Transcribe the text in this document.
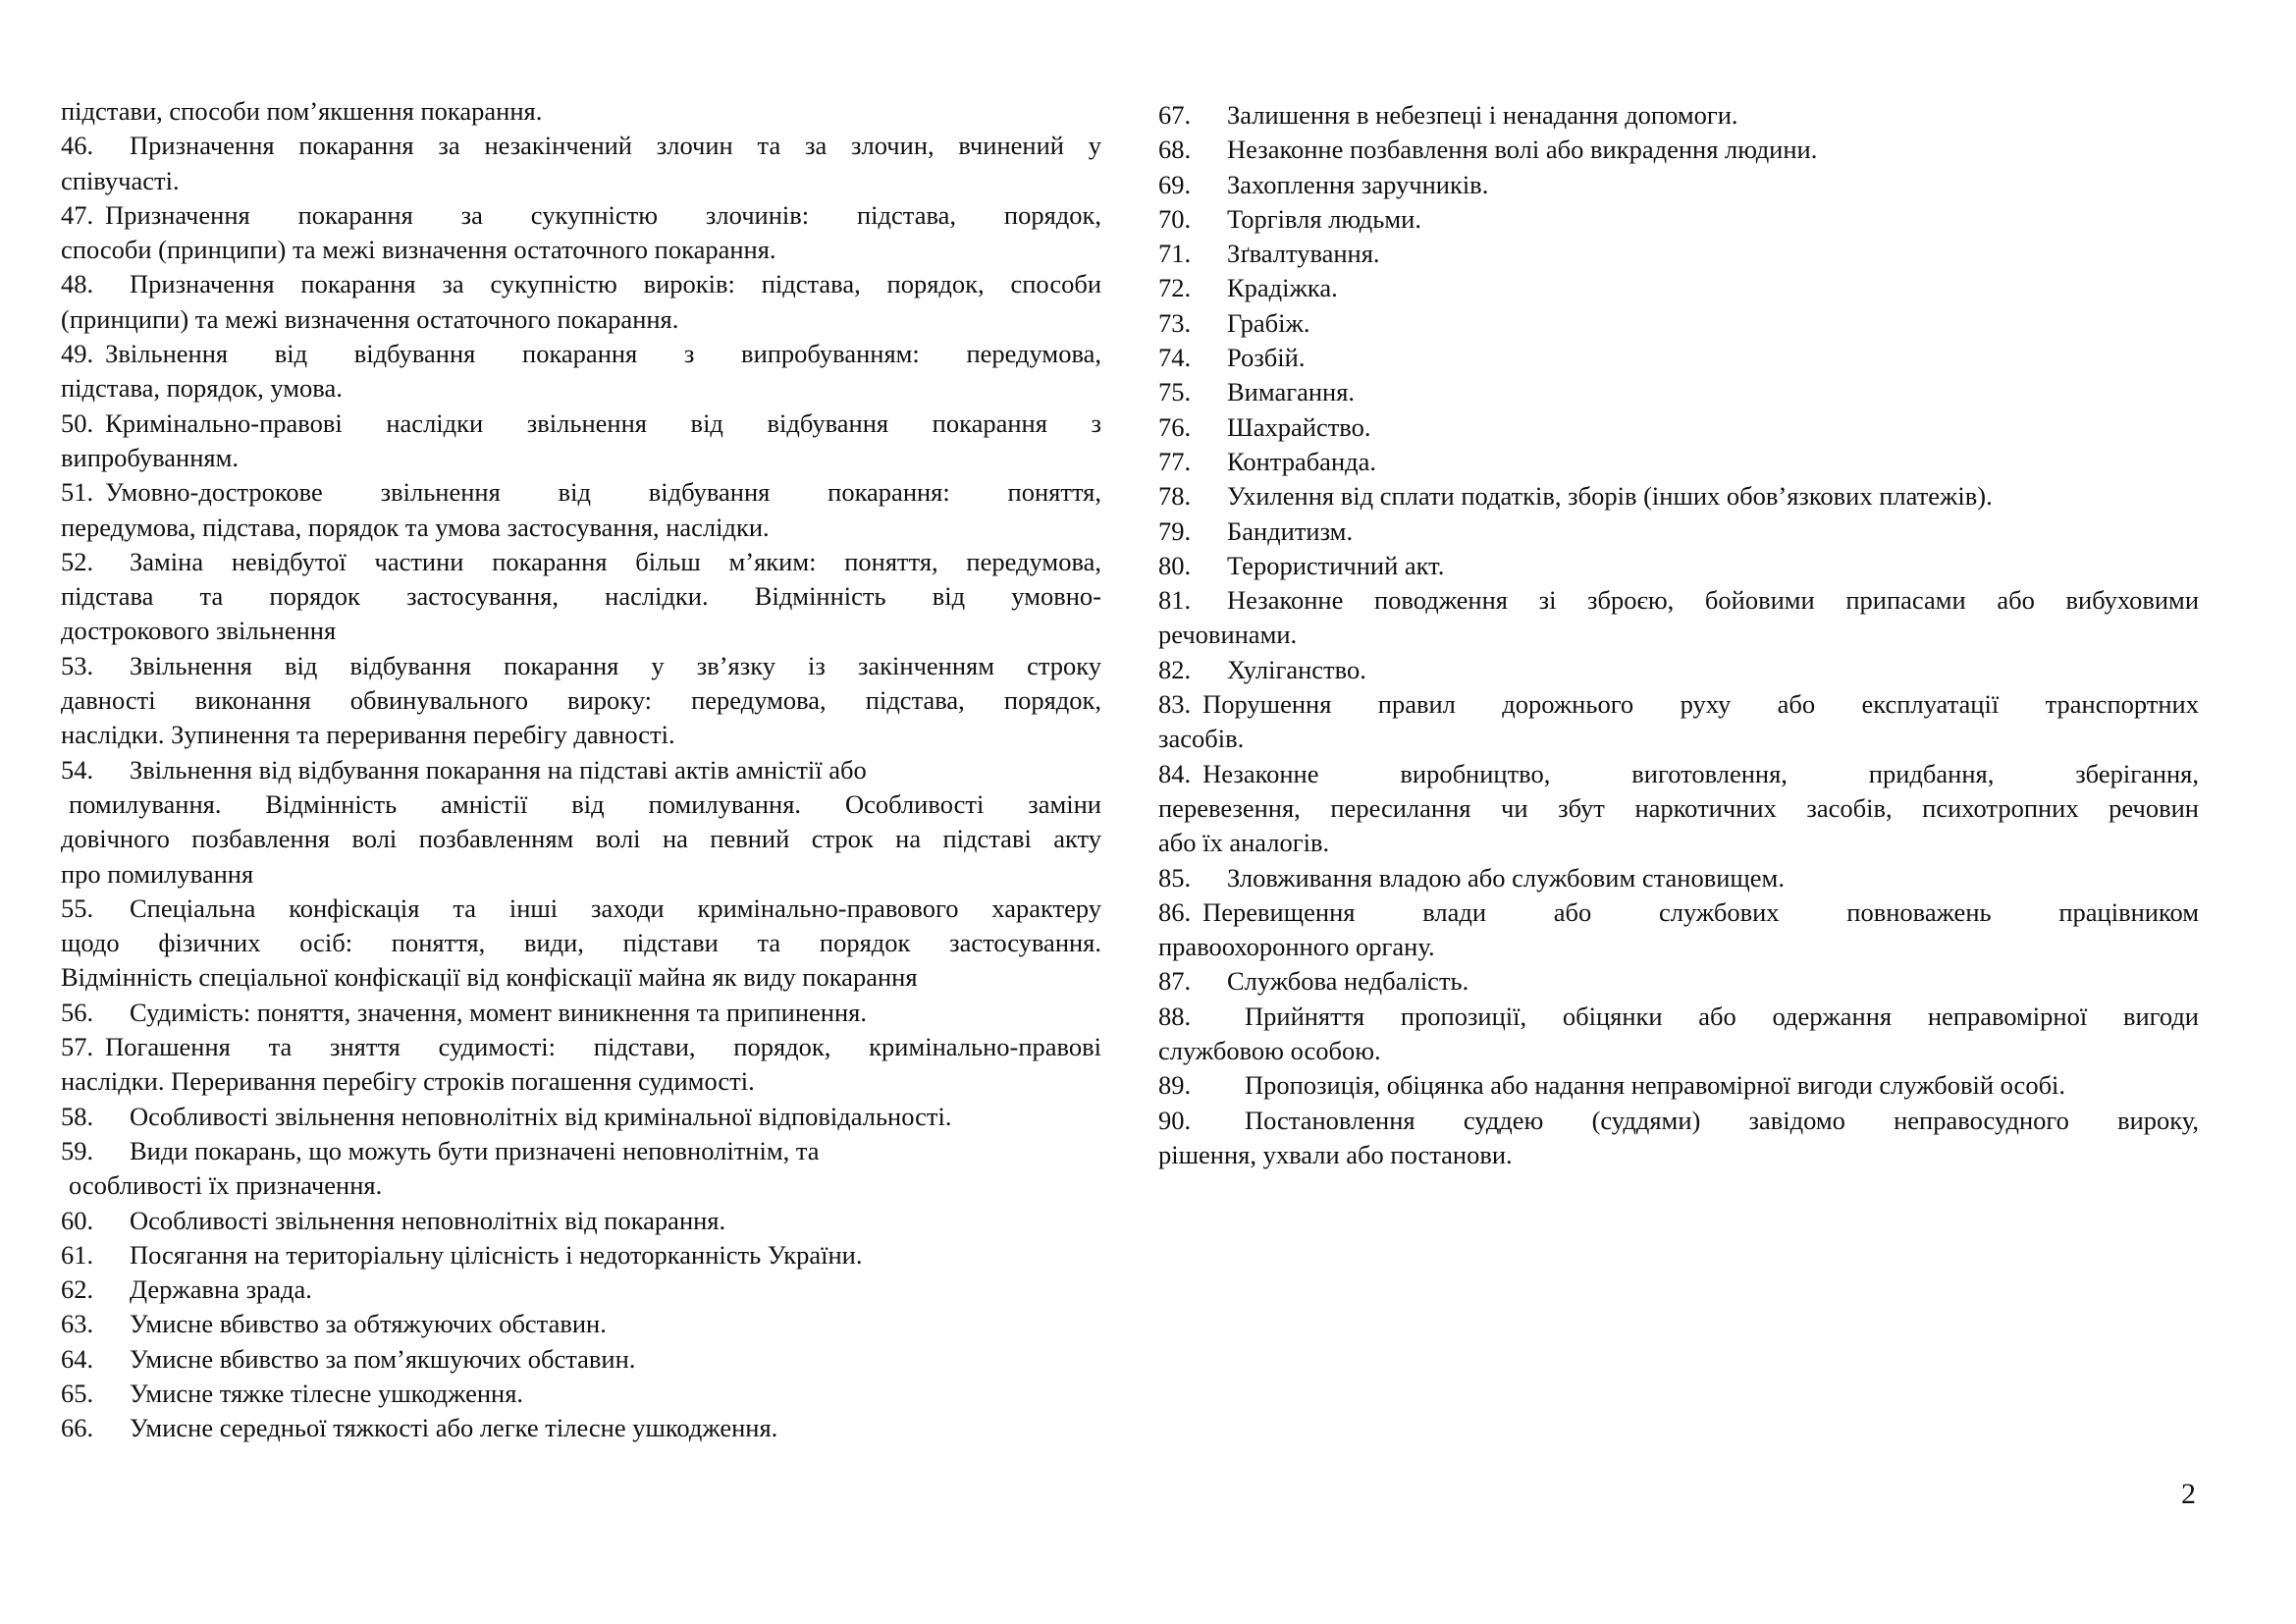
підстави, способи пом’якшення покарання.
46. Призначення покарання за незакінчений злочин та за злочин, вчинений у
співучасті.
47. Призначення покарання за сукупністю злочинів: підстава, порядок,
способи (принципи) та межі визначення остаточного покарання.
48. Призначення покарання за сукупністю вироків: підстава, порядок, способи
(принципи) та межі визначення остаточного покарання.
49. Звільнення від відбування покарання з випробуванням: передумова,
підстава, порядок, умова.
50. Кримінально-правові наслідки звільнення від відбування покарання з
випробуванням.
51. Умовно-дострокове звільнення від відбування покарання: поняття,
передумова, підстава, порядок та умова застосування, наслідки.
52. Заміна невідбутої частини покарання більш м’яким: поняття, передумова,
підстава та порядок застосування, наслідки. Відмінність від умовно-
дострокового звільнення
53. Звільнення від відбування покарання у зв’язку із закінченням строку
давності виконання обвинувального вироку: передумова, підстава, порядок,
наслідки. Зупинення та переривання перебігу давності.
54. Звільнення від відбування покарання на підставі актів амністії або
помилування. Відмінність амністії від помилування. Особливості заміни
довічного позбавлення волі позбавленням волі на певний строк на підставі акту
про помилування
55. Спеціальна конфіскація та інші заходи кримінально-правового характеру
щодо фізичних осіб: поняття, види, підстави та порядок застосування.
Відмінність спеціальної конфіскації від конфіскації майна як виду покарання
56. Судимість: поняття, значення, момент виникнення та припинення.
57. Погашення та зняття судимості: підстави, порядок, кримінально-правові
наслідки. Переривання перебігу строків погашення судимості.
58. Особливості звільнення неповнолітніх від кримінальної відповідальності.
59. Види покарань, що можуть бути призначені неповнолітнім, та
особливості їх призначення.
60. Особливості звільнення неповнолітніх від покарання.
61. Посягання на територіальну цілісність і недоторканність України.
62. Державна зрада.
63. Умисне вбивство за обтяжуючих обставин.
64. Умисне вбивство за пом’якшуючих обставин.
65. Умисне тяжке тілесне ушкодження.
66. Умисне середньої тяжкості або легке тілесне ушкодження.
67. Залишення в небезпеці і ненадання допомоги.
68. Незаконне позбавлення волі або викрадення людини.
69. Захоплення заручників.
70. Торгівля людьми.
71. Зґвалтування.
72. Крадіжка.
73. Грабіж.
74. Розбій.
75. Вимагання.
76. Шахрайство.
77. Контрабанда.
78. Ухилення від сплати податків, зборів (інших обов’язкових платежів).
79. Бандитизм.
80. Терористичний акт.
81. Незаконне поводження зі зброєю, бойовими припасами або вибуховими
речовинами.
82. Хуліганство.
83. Порушення правил дорожнього руху або експлуатації транспортних
засобів.
84. Незаконне виробництво, виготовлення, придбання, зберігання,
перевезення, пересилання чи збут наркотичних засобів, психотропних речовин
або їх аналогів.
85. Зловживання владою або службовим становищем.
86. Перевищення влади або службових повноважень працівником
правоохоронного органу.
87. Службова недбалість.
88. Прийняття пропозиції, обіцянки або одержання неправомірної вигоди
службовою особою.
89. Пропозиція, обіцянка або надання неправомірної вигоди службовій особі.
90. Постановлення суддею (суддями) завідомо неправосудного вироку,
рішення, ухвали або постанови.
2
